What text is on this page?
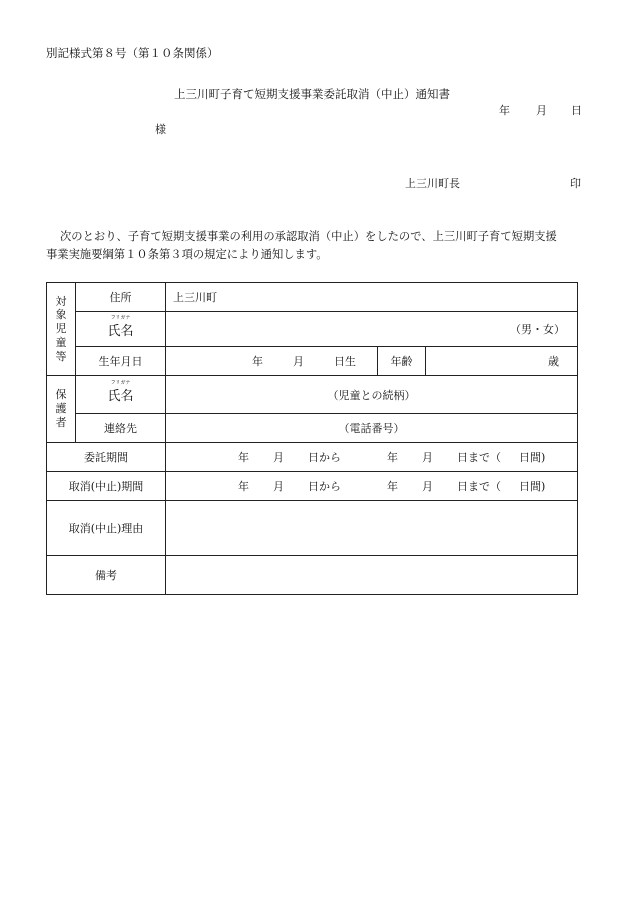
別記様式第８号（第１０条関係）
上三川町子育て短期支援事業委託取消（中止）通知書
年 月 日
様
上三川町長	印
次のとおり、子育て短期支援事業の利用の承認取消（中止）をしたので、上三川町子育て短期支援
事業実施要綱第１０条第３項の規定により通知します。
対象児童等	住所	上三川町		

	フリガナ
氏名	（男・女）		
	生年月日	年 月 日生	年齢	歳

保護者	フリガナ
氏名	（児童との続柄）		
	連絡先	（電話番号）		
委託期間		年 月 日から 年 月 日まで（ 日間)		
取消(中止)期間		年 月 日から 年 月 日まで（ 日間)		
取消(中止)理由				
備考				
